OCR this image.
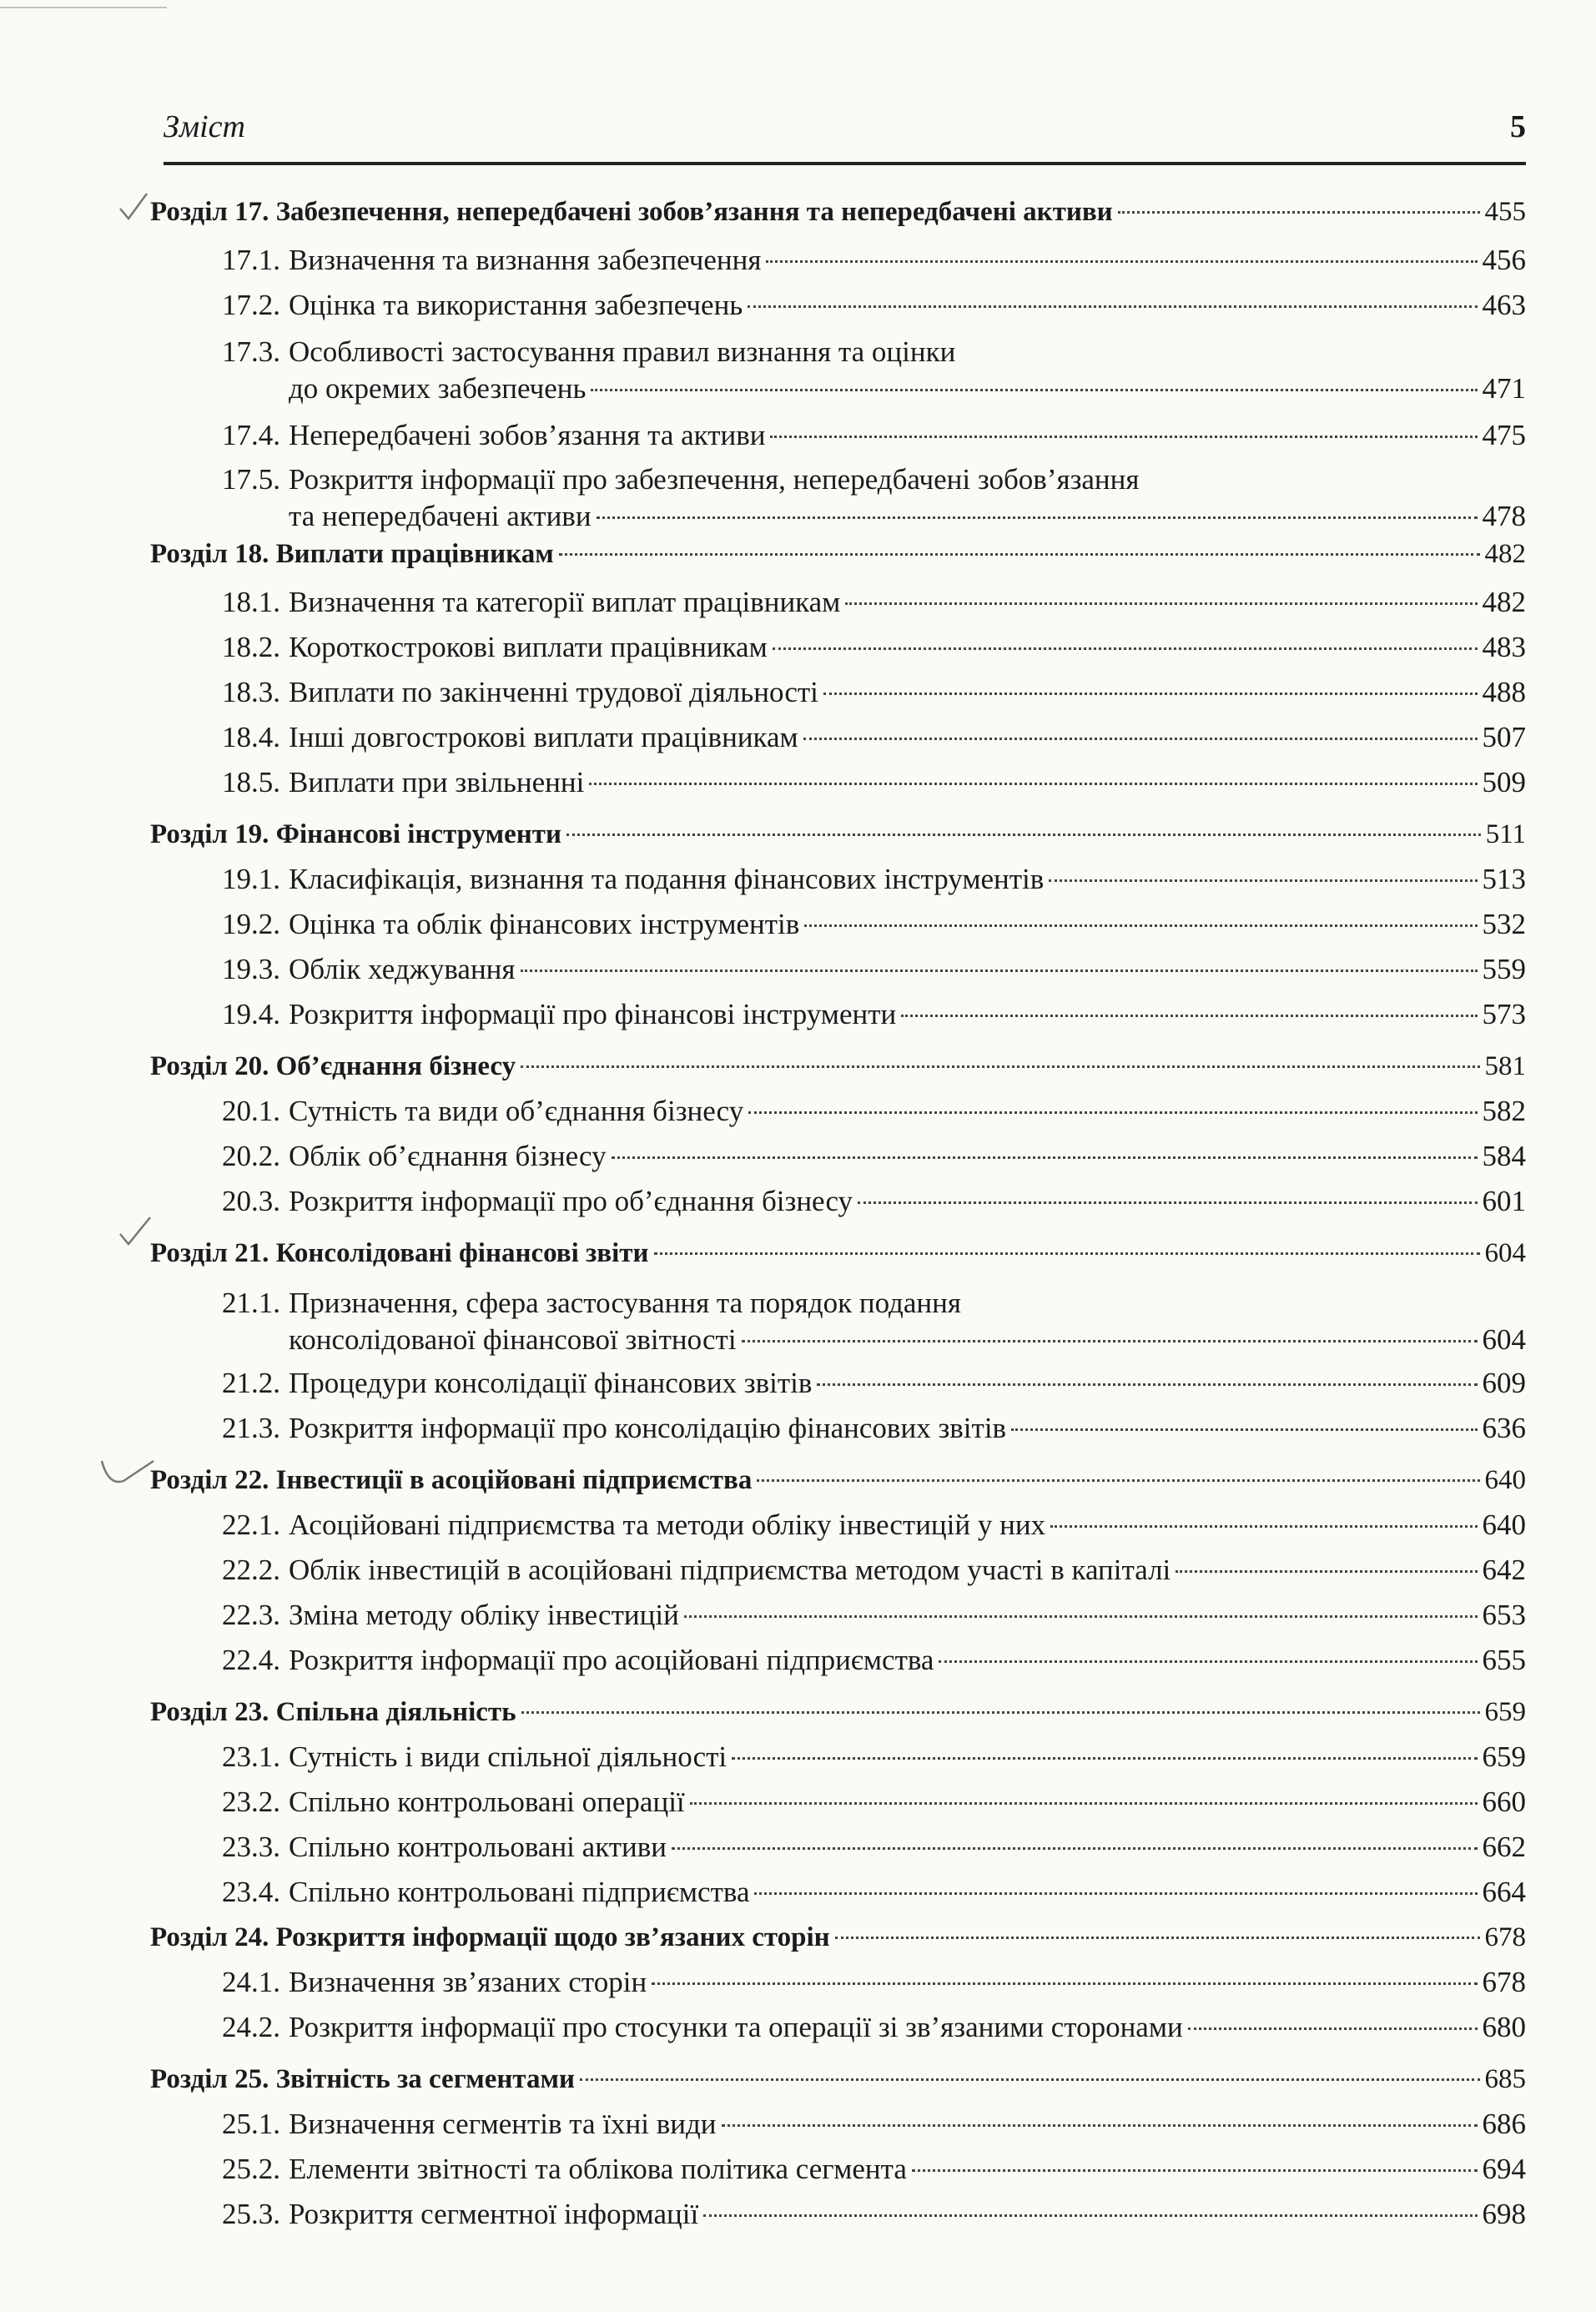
Зміст	5
Розділ 17. Забезпечення, непередбачені зобов’язання та непередбачені активи	455
17.1. Визначення та визнання забезпечення	456
17.2. Оцінка та використання забезпечень	463
17.3. Особливості застосування правил визнання та оцінки
до окремих забезпечень	471
17.4. Непередбачені зобов’язання та активи	475
17.5. Розкриття інформації про забезпечення, непередбачені зобов’язання
та непередбачені активи	478
Розділ 18. Виплати працівникам	482
18.1. Визначення та категорії виплат працівникам	482
18.2. Короткострокові виплати працівникам	483
18.3. Виплати по закінченні трудової діяльності	488
18.4. Інші довгострокові виплати працівникам	507
18.5. Виплати при звільненні	509
Розділ 19. Фінансові інструменти	511
19.1. Класифікація, визнання та подання фінансових інструментів	513
19.2. Оцінка та облік фінансових інструментів	532
19.3. Облік хеджування	559
19.4. Розкриття інформації про фінансові інструменти	573
Розділ 20. Об’єднання бізнесу	581
20.1. Сутність та види об’єднання бізнесу	582
20.2. Облік об’єднання бізнесу	584
20.3. Розкриття інформації про об’єднання бізнесу	601
Розділ 21. Консолідовані фінансові звіти	604
21.1. Призначення, сфера застосування та порядок подання
консолідованої фінансової звітності	604
21.2. Процедури консолідації фінансових звітів	609
21.3. Розкриття інформації про консолідацію фінансових звітів	636
Розділ 22. Інвестиції в асоційовані підприємства	640
22.1. Асоційовані підприємства та методи обліку інвестицій у них	640
22.2. Облік інвестицій в асоційовані підприємства методом участі в капіталі	642
22.3. Зміна методу обліку інвестицій	653
22.4. Розкриття інформації про асоційовані підприємства	655
Розділ 23. Спільна діяльність	659
23.1. Сутність і види спільної діяльності	659
23.2. Спільно контрольовані операції	660
23.3. Спільно контрольовані активи	662
23.4. Спільно контрольовані підприємства	664
Розділ 24. Розкриття інформації щодо зв’язаних сторін	678
24.1. Визначення зв’язаних сторін	678
24.2. Розкриття інформації про стосунки та операції зі зв’язаними сторонами	680
Розділ 25. Звітність за сегментами	685
25.1. Визначення сегментів та їхні види	686
25.2. Елементи звітності та облікова політика сегмента	694
25.3. Розкриття сегментної інформації	698
